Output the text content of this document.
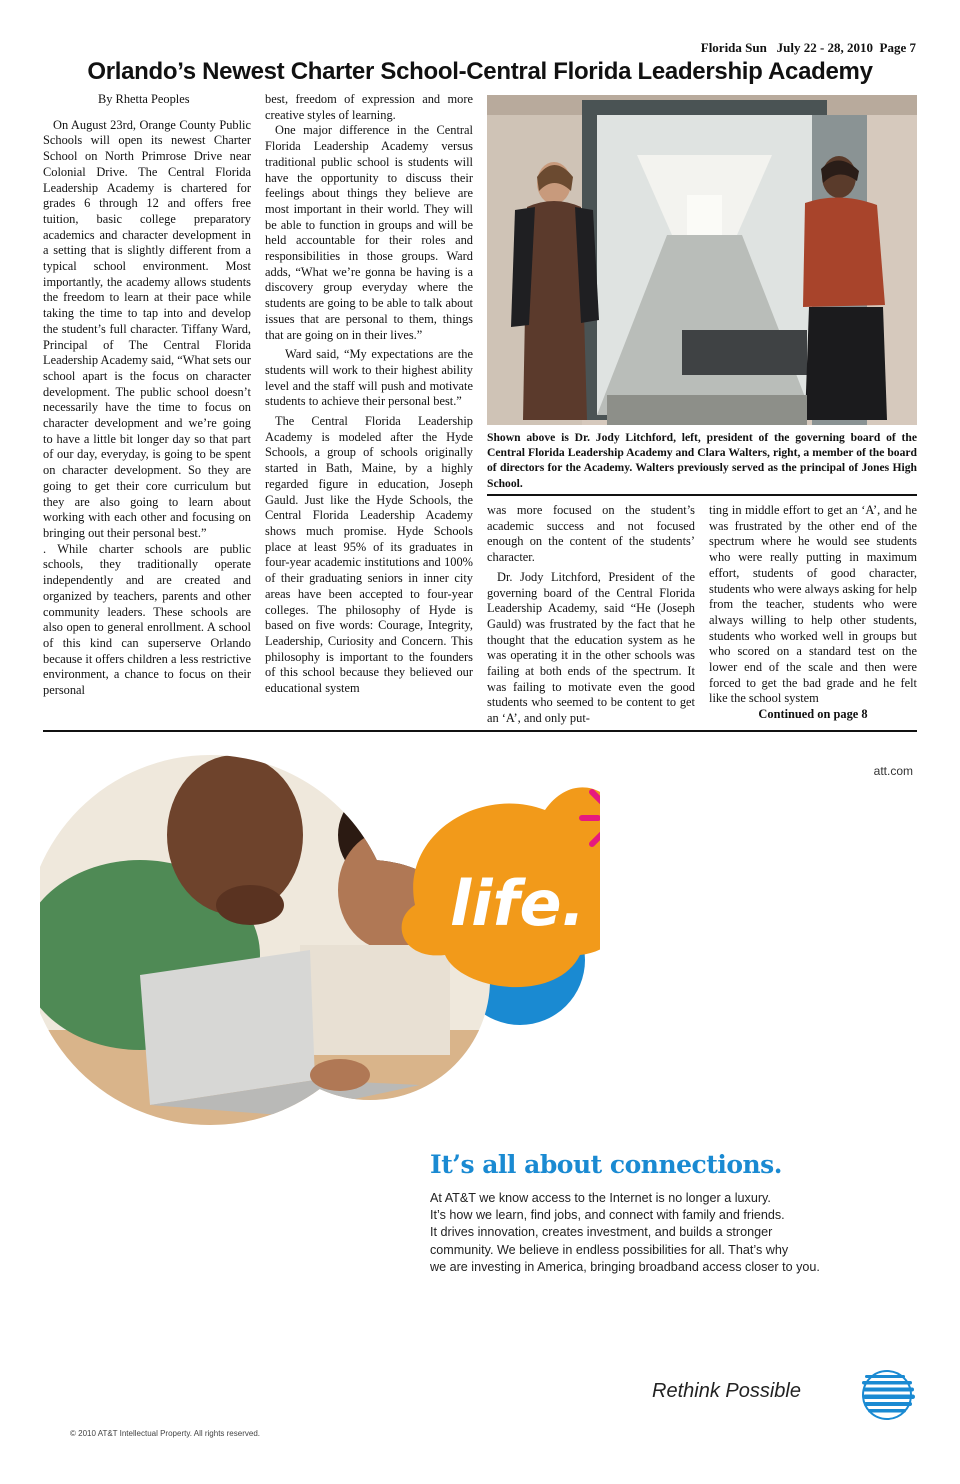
Florida Sun   July 22 - 28, 2010  Page 7
Orlando’s Newest Charter School-Central Florida Leadership Academy

By Rhetta Peoples

On August 23rd, Orange County Public Schools will open its newest Charter School on North Primrose Drive near Colonial Drive. The Central Florida Leadership Academy is chartered for grades 6 through 12 and offers free tuition, basic college preparatory academics and character development in a setting that is slightly different from a typical school environment. Most importantly, the academy allows students the freedom to learn at their pace while taking the time to tap into and develop the student’s full character. Tiffany Ward, Principal of The Central Florida Leadership Academy said, “What sets our school apart is the focus on character development. The public school doesn’t necessarily have the time to focus on character development and we’re going to have a little bit longer day so that part of our day, everyday, is going to be spent on character development. So they are going to get their core curriculum but they are also going to learn about working with each other and focusing on bringing out their personal best.”

. While charter schools are public schools, they traditionally operate independently and are created and organized by teachers, parents and other community leaders. These schools are also open to general enrollment. A school of this kind can superserve Orlando because it offers children a less restrictive environment, a chance to focus on their personal

best, freedom of expression and more creative styles of learning.

One major difference in the Central Florida Leadership Academy versus traditional public school is students will have the opportunity to discuss their feelings about things they believe are most important in their world. They will be able to function in groups and will be held accountable for their roles and responsibilities in those groups. Ward adds, “What we’re gonna be having is a discovery group everyday where the students are going to be able to talk about issues that are personal to them, things that are going on in their lives.”

Ward said, “My expectations are the students will work to their highest ability level and the staff will push and motivate students to achieve their personal best.”

The Central Florida Leadership Academy is modeled after the Hyde Schools, a group of schools originally started in Bath, Maine, by a highly regarded figure in education, Joseph Gauld. Just like the Hyde Schools, the Central Florida Leadership Academy shows much promise. Hyde Schools place at least 95% of its graduates in four-year academic institutions and 100% of their graduating seniors in inner city areas have been accepted to four-year colleges. The philosophy of Hyde is based on five words: Courage, Integrity, Leadership, Curiosity and Concern. This philosophy is important to the founders of this school because they believed our educational system

Shown above is Dr. Jody Litchford, left, president of the governing board of the Central Florida Leadership Academy and Clara Walters, right, a member of the board of directors for the Academy. Walters previously served as the principal of Jones High School.

was more focused on the student’s academic success and not focused enough on the content of the students’ character.

Dr. Jody Litchford, President of the governing board of the Central Florida Leadership Academy, said “He (Joseph Gauld) was frustrated by the fact that he thought that the education system as he was operating it in the other schools was failing at both ends of the spectrum. It was failing to motivate even the good students who seemed to be content to get an ‘A’, and only put-

ting in middle effort to get an ‘A’, and he was frustrated by the other end of the spectrum where he would see students who were really putting in maximum effort, students of good character, students who were always asking for help from the teacher, students who were always willing to help other students, students who worked well in groups but who scored on a standard test on the lower end of the scale and then were forced to get the bad grade and he felt like the school system

Continued on page 8

att.com
life.
It’s all about connections.
At AT&T we know access to the Internet is no longer a luxury.
It’s how we learn, find jobs, and connect with family and friends.
It drives innovation, creates investment, and builds a stronger
community. We believe in endless possibilities for all. That’s why
we are investing in America, bringing broadband access closer to you.
Rethink Possible
© 2010 AT&T Intellectual Property. All rights reserved.
